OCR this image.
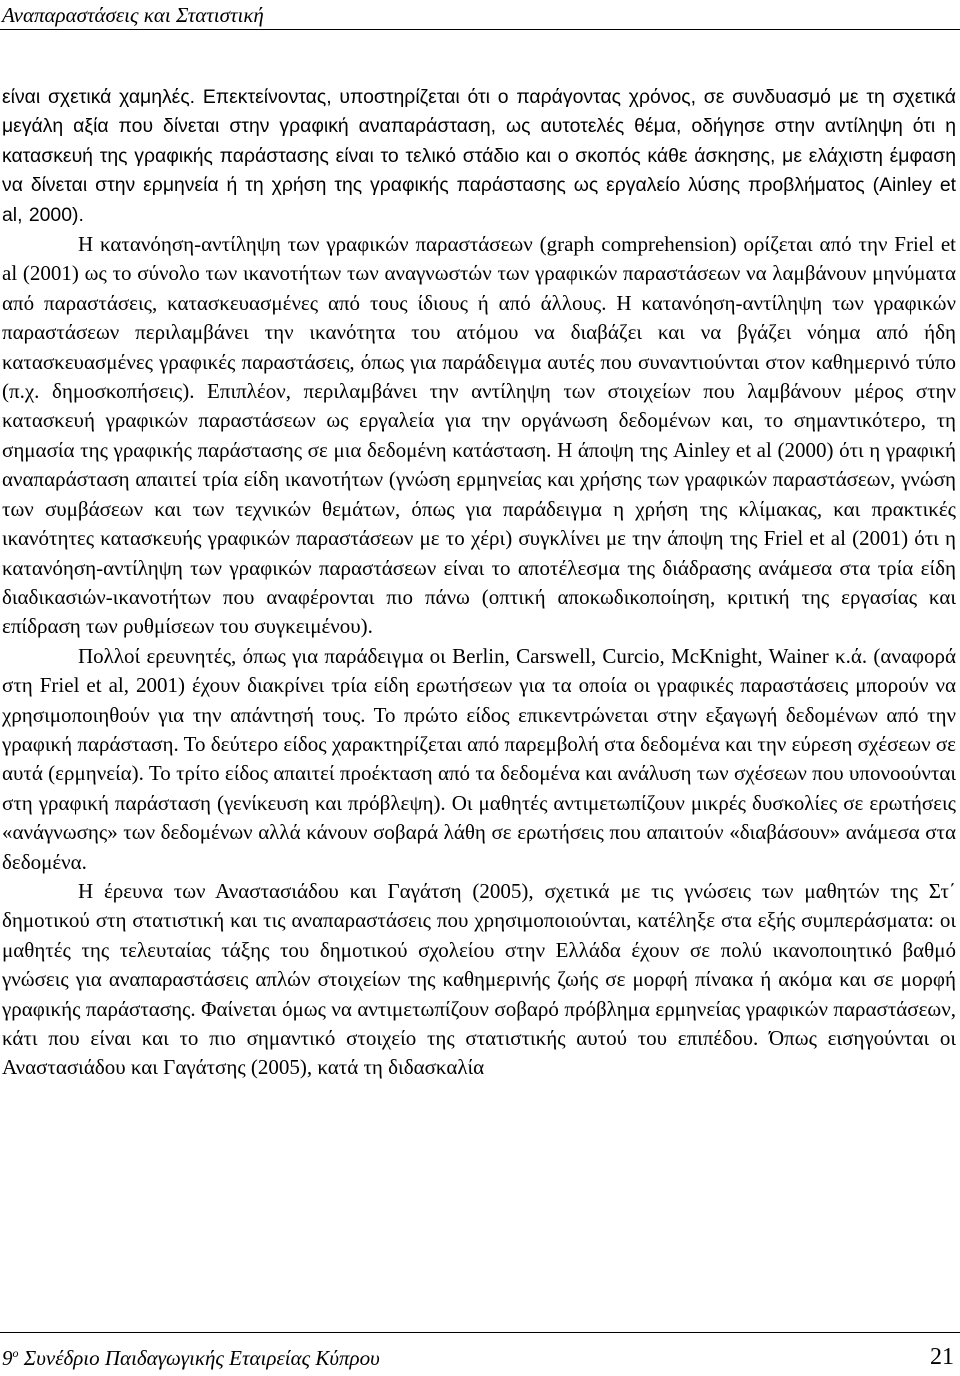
Αναπαραστάσεις και Στατιστική

είναι σχετικά χαμηλές. Επεκτείνοντας, υποστηρίζεται ότι ο παράγοντας χρόνος, σε συνδυασμό με τη σχετικά μεγάλη αξία που δίνεται στην γραφική αναπαράσταση, ως αυτοτελές θέμα, οδήγησε στην αντίληψη ότι η κατασκευή της γραφικής παράστασης είναι το τελικό στάδιο και ο σκοπός κάθε άσκησης, με ελάχιστη έμφαση να δίνεται στην ερμηνεία ή τη χρήση της γραφικής παράστασης ως εργαλείο λύσης προβλήματος (Ainley et al, 2000).

Η κατανόηση-αντίληψη των γραφικών παραστάσεων (graph comprehension) ορίζεται από την Friel et al (2001) ως το σύνολο των ικανοτήτων των αναγνωστών των γραφικών παραστάσεων να λαμβάνουν μηνύματα από παραστάσεις, κατασκευασμένες από τους ίδιους ή από άλλους. Η κατανόηση-αντίληψη των γραφικών παραστάσεων περιλαμβάνει την ικανότητα του ατόμου να διαβάζει και να βγάζει νόημα από ήδη κατασκευασμένες γραφικές παραστάσεις, όπως για παράδειγμα αυτές που συναντιούνται στον καθημερινό τύπο (π.χ. δημοσκοπήσεις). Επιπλέον, περιλαμβάνει την αντίληψη των στοιχείων που λαμβάνουν μέρος στην κατασκευή γραφικών παραστάσεων ως εργαλεία για την οργάνωση δεδομένων και, το σημαντικότερο, τη σημασία της γραφικής παράστασης σε μια δεδομένη κατάσταση. Η άποψη της Ainley et al (2000) ότι η γραφική αναπαράσταση απαιτεί τρία είδη ικανοτήτων (γνώση ερμηνείας και χρήσης των γραφικών παραστάσεων, γνώση των συμβάσεων και των τεχνικών θεμάτων, όπως για παράδειγμα η χρήση της κλίμακας, και πρακτικές ικανότητες κατασκευής γραφικών παραστάσεων με το χέρι) συγκλίνει με την άποψη της Friel et al (2001) ότι η κατανόηση-αντίληψη των γραφικών παραστάσεων είναι το αποτέλεσμα της διάδρασης ανάμεσα στα τρία είδη διαδικασιών-ικανοτήτων που αναφέρονται πιο πάνω (οπτική αποκωδικοποίηση, κριτική της εργασίας και επίδραση των ρυθμίσεων του συγκειμένου).

Πολλοί ερευνητές, όπως για παράδειγμα οι Berlin, Carswell, Curcio, McKnight, Wainer κ.ά. (αναφορά στη Friel et al, 2001) έχουν διακρίνει τρία είδη ερωτήσεων για τα οποία οι γραφικές παραστάσεις μπορούν να χρησιμοποιηθούν για την απάντησή τους. Το πρώτο είδος επικεντρώνεται στην εξαγωγή δεδομένων από την γραφική παράσταση. Το δεύτερο είδος χαρακτηρίζεται από παρεμβολή στα δεδομένα και την εύρεση σχέσεων σε αυτά (ερμηνεία). Το τρίτο είδος απαιτεί προέκταση από τα δεδομένα και ανάλυση των σχέσεων που υπονοούνται στη γραφική παράσταση (γενίκευση και πρόβλεψη). Οι μαθητές αντιμετωπίζουν μικρές δυσκολίες σε ερωτήσεις «ανάγνωσης» των δεδομένων αλλά κάνουν σοβαρά λάθη σε ερωτήσεις που απαιτούν «διαβάσουν» ανάμεσα στα δεδομένα.

Η έρευνα των Αναστασιάδου και Γαγάτση (2005), σχετικά με τις γνώσεις των μαθητών της Στ΄ δημοτικού στη στατιστική και τις αναπαραστάσεις που χρησιμοποιούνται, κατέληξε στα εξής συμπεράσματα: οι μαθητές της τελευταίας τάξης του δημοτικού σχολείου στην Ελλάδα έχουν σε πολύ ικανοποιητικό βαθμό γνώσεις για αναπαραστάσεις απλών στοιχείων της καθημερινής ζωής σε μορφή πίνακα ή ακόμα και σε μορφή γραφικής παράστασης. Φαίνεται όμως να αντιμετωπίζουν σοβαρό πρόβλημα ερμηνείας γραφικών παραστάσεων, κάτι που είναι και το πιο σημαντικό στοιχείο της στατιστικής αυτού του επιπέδου. Όπως εισηγούνται οι Αναστασιάδου και Γαγάτσης (2005), κατά τη διδασκαλία

$9^o$ Συνέδριο Παιδαγωγικής Εταιρείας Κύπρου	21
